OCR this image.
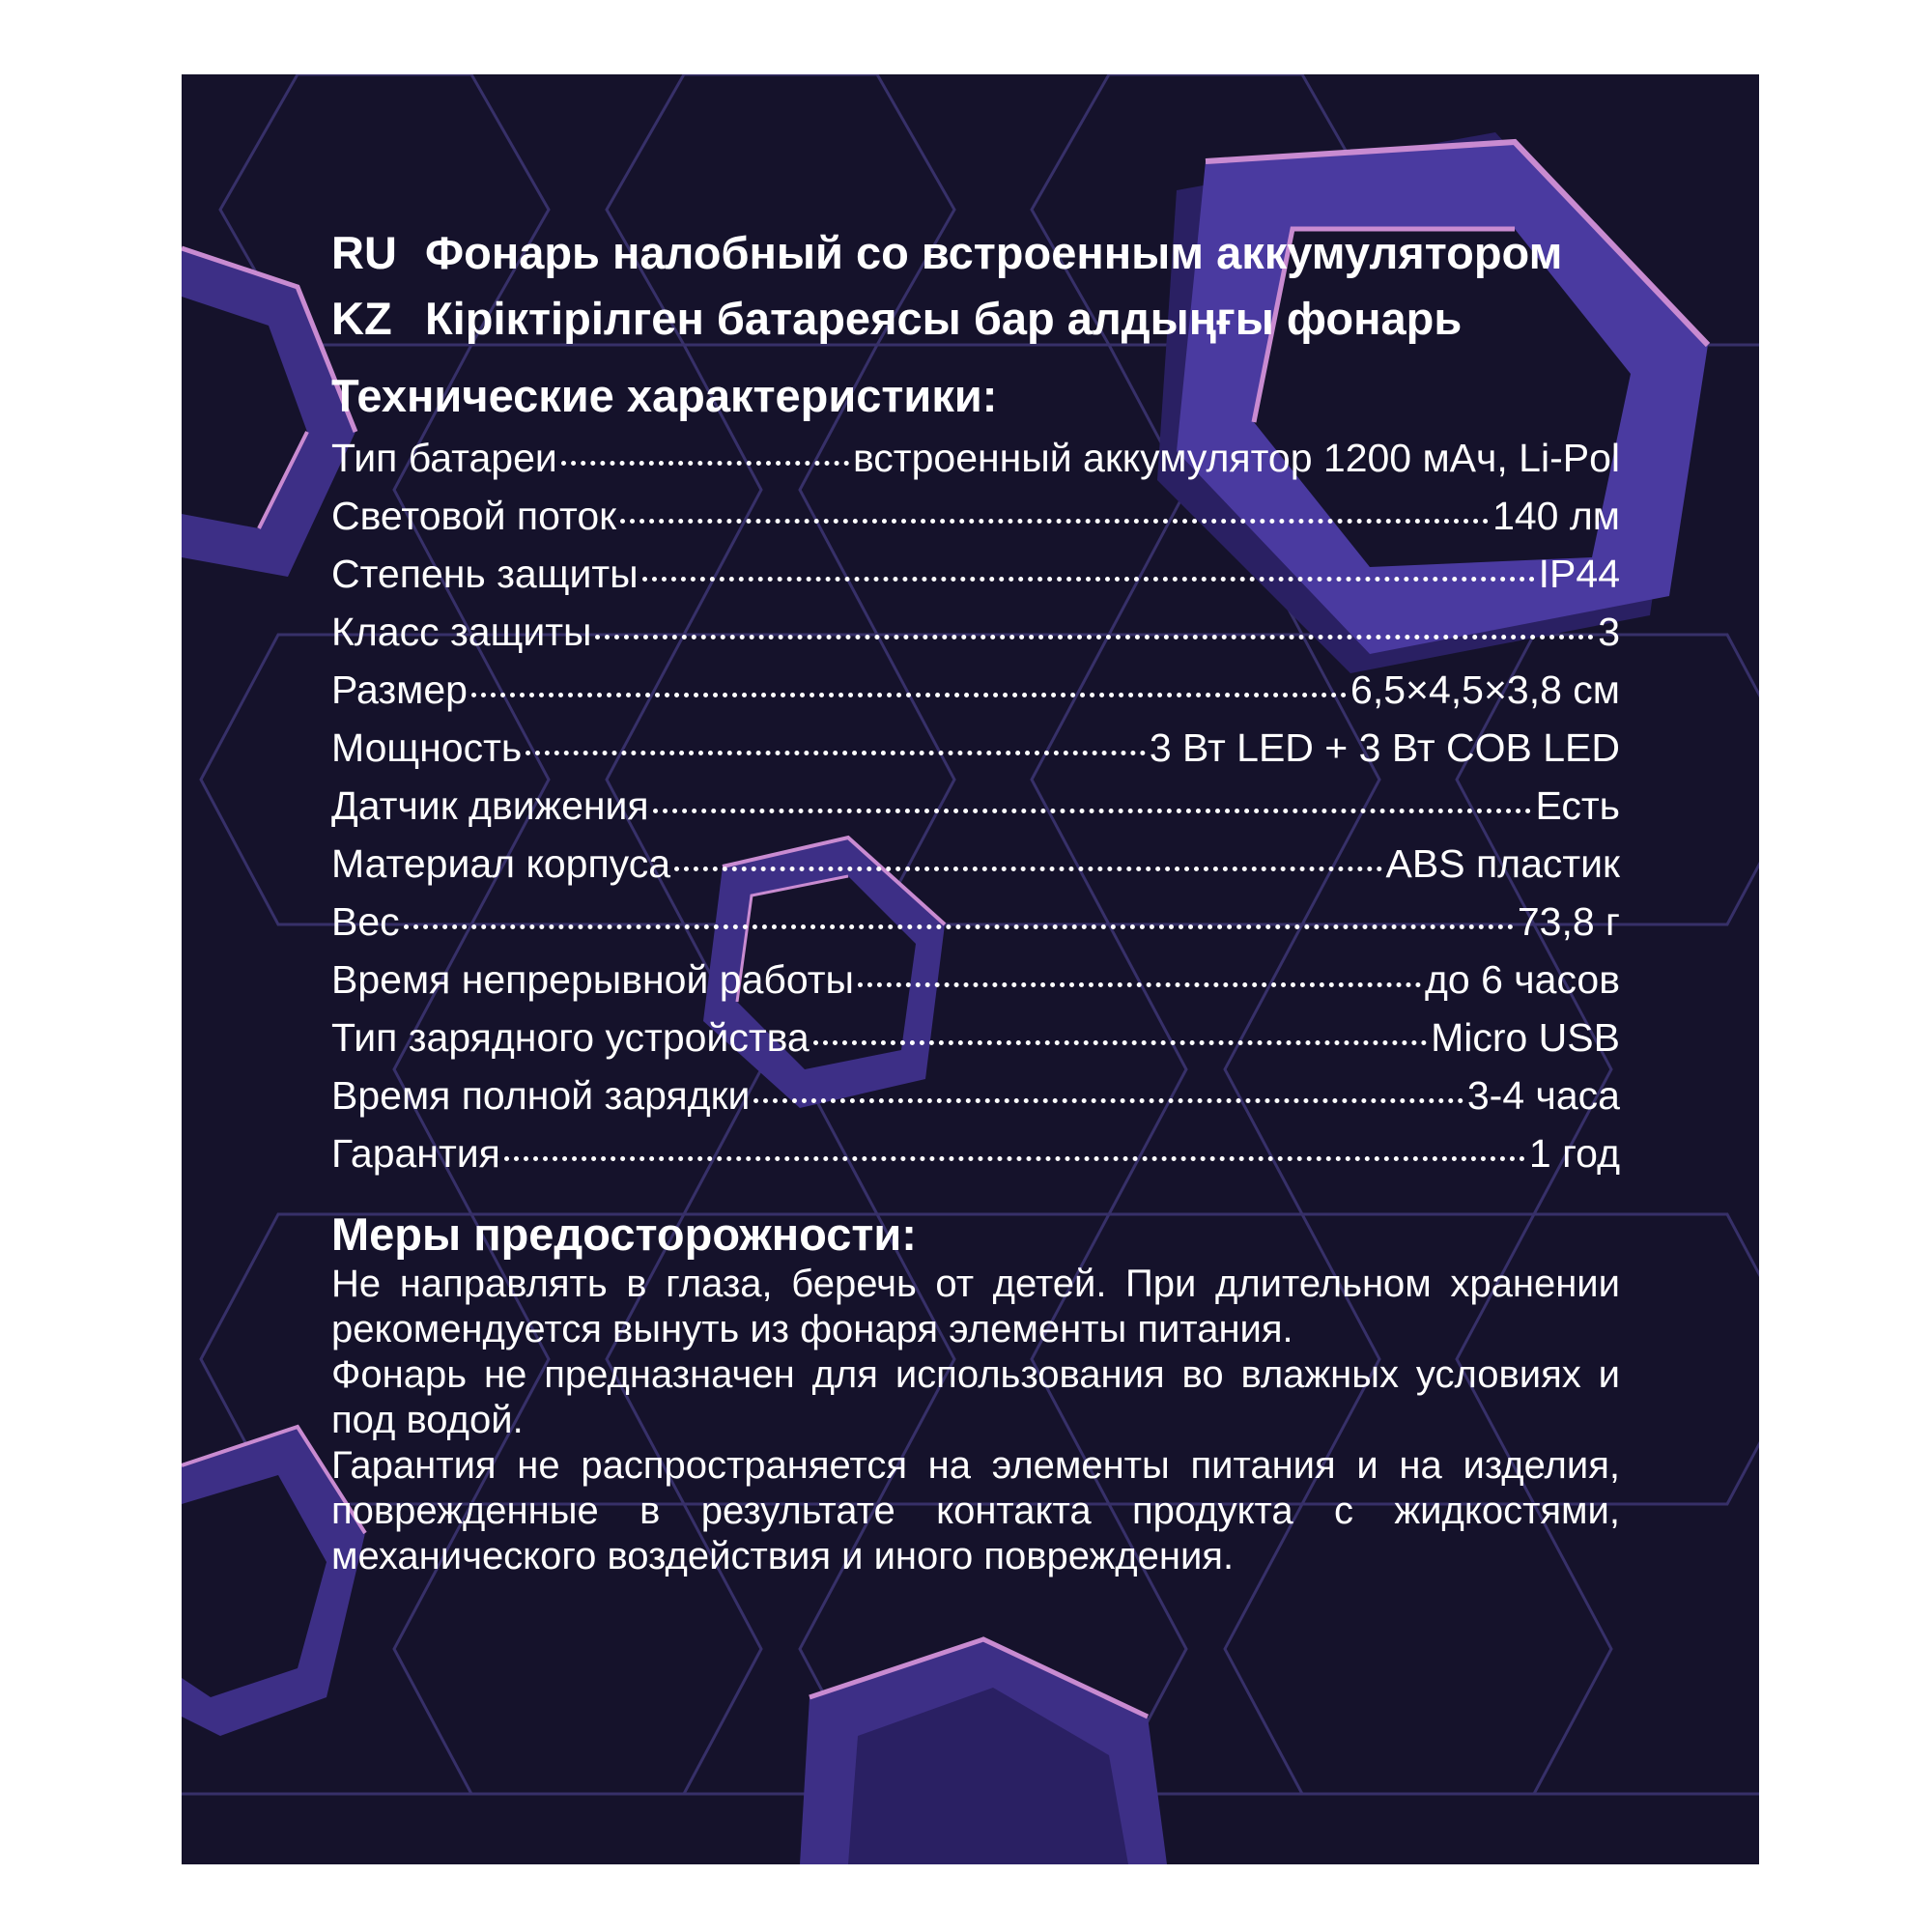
RU Фонарь налобный со встроенным аккумулятором
KZ Кіріктірілген батареясы бар алдыңғы фонарь
Технические характеристики:
Тип батареи	встроенный аккумулятор 1200 мАч, Li-Pol
Световой поток	140 лм
Степень защиты	IP44
Класс защиты	3
Размер	6,5×4,5×3,8 см
Мощность	3 Вт LED + 3 Вт COB LED
Датчик движения	Есть
Материал корпуса	ABS пластик
Вес	73,8 г
Время непрерывной работы	до 6 часов
Тип зарядного устройства	Micro USB
Время полной зарядки	3-4 часа
Гарантия	1 год
Меры предосторожности:

Не направлять в глаза, беречь от детей. При длительном хранении рекомендуется вынуть из фонаря элементы питания.

Фонарь не предназначен для использования во влажных условиях и под водой.

Гарантия не распространяется на элементы питания и на изделия, поврежденные в результате контакта продукта с жидкостями, механического воздействия и иного повреждения.
